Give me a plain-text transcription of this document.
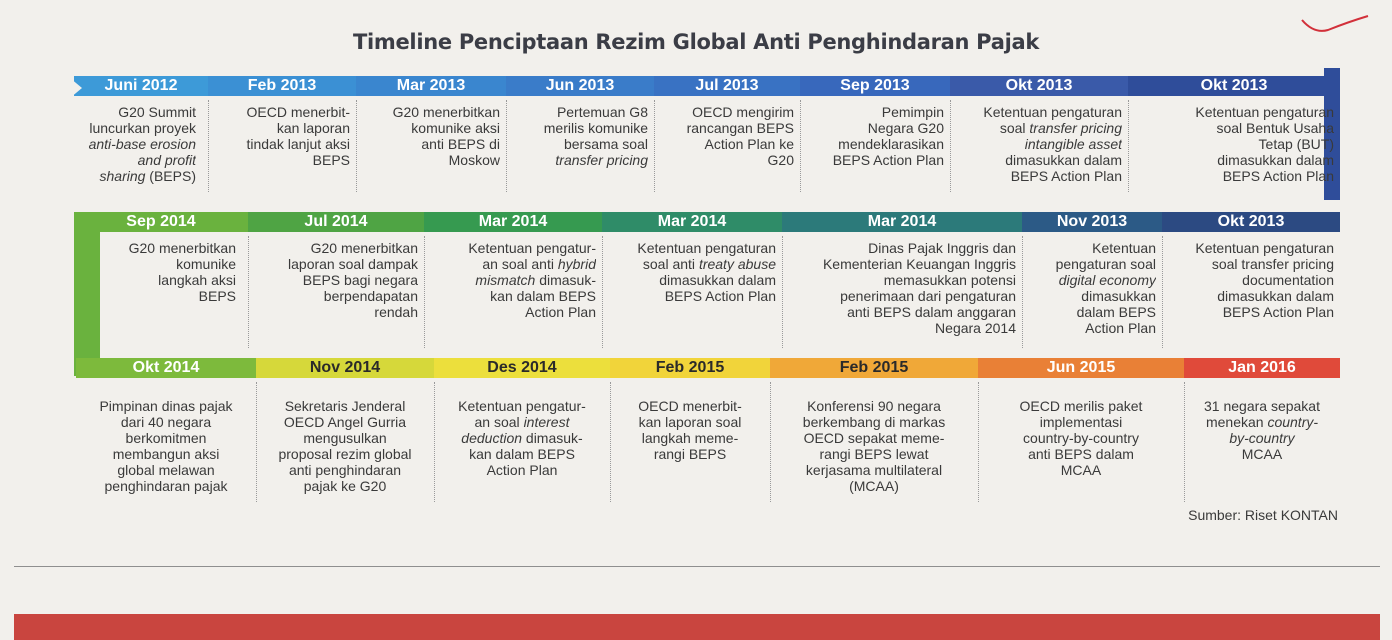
Timeline Penciptaan Rezim Global Anti Penghindaran Pajak
Juni 2012
G20 Summit
luncurkan proyek
anti-base erosion
and profit
sharing (BEPS)
Feb 2013
OECD menerbit-
kan laporan
tindak lanjut aksi
BEPS
Mar 2013
G20 menerbitkan
komunike aksi
anti BEPS di
Moskow
Jun 2013
Pertemuan G8
merilis komunike
bersama soal
transfer pricing
Jul 2013
OECD mengirim
rancangan BEPS
Action Plan ke
G20
Sep 2013
Pemimpin
Negara G20
mendeklarasikan
BEPS Action Plan
Okt 2013
Ketentuan pengaturan
soal transfer pricing
intangible asset
dimasukkan dalam
BEPS Action Plan
Okt 2013
Ketentuan pengaturan
soal Bentuk Usaha
Tetap (BUT)
dimasukkan dalam
BEPS Action Plan
Sep 2014
G20 menerbitkan
komunike
langkah aksi
BEPS
Jul 2014
G20 menerbitkan
laporan soal dampak
BEPS bagi negara
berpendapatan
rendah
Mar 2014
Ketentuan pengatur-
an soal anti hybrid
mismatch dimasuk-
kan dalam BEPS
Action Plan
Mar 2014
Ketentuan pengaturan
soal anti treaty abuse
dimasukkan dalam
BEPS Action Plan
Mar 2014
Dinas Pajak Inggris dan
Kementerian Keuangan Inggris
memasukkan potensi
penerimaan dari pengaturan
anti BEPS dalam anggaran
Negara 2014
Nov 2013
Ketentuan
pengaturan soal
digital economy
dimasukkan
dalam BEPS
Action Plan
Okt 2013
Ketentuan pengaturan
soal transfer pricing
documentation
dimasukkan dalam
BEPS Action Plan
Okt 2014
Pimpinan dinas pajak
dari 40 negara
berkomitmen
membangun aksi
global melawan
penghindaran pajak
Nov 2014
Sekretaris Jenderal
OECD Angel Gurria
mengusulkan
proposal rezim global
anti penghindaran
pajak ke G20
Des 2014
Ketentuan pengatur-
an soal interest
deduction dimasuk-
kan dalam BEPS
Action Plan
Feb 2015
OECD menerbit-
kan laporan soal
langkah meme-
rangi BEPS
Feb 2015
Konferensi 90 negara
berkembang di markas
OECD sepakat meme-
rangi BEPS lewat
kerjasama multilateral
(MCAA)
Jun 2015
OECD merilis paket
implementasi
country-by-country
anti BEPS dalam
MCAA
Jan 2016
31 negara sepakat
menekan country-
by-country
MCAA
Sumber: Riset KONTAN
